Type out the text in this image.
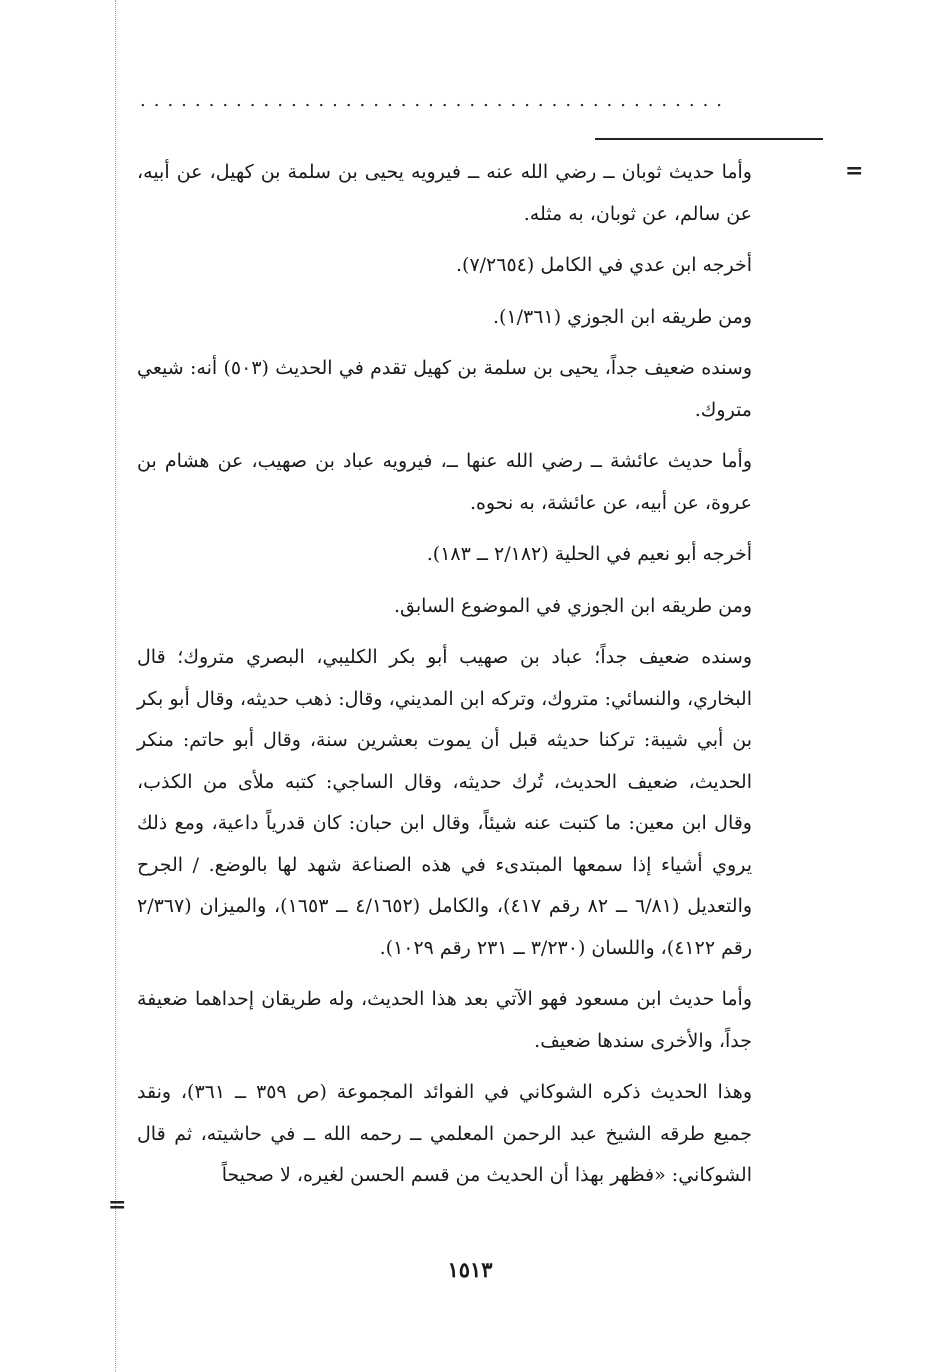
...........................................
=
=

وأما حديث ثوبان ــ رضي الله عنه ــ فيرويه يحيى بن سلمة بن كهيل، عن أبيه، عن سالم، عن ثوبان، به مثله.

أخرجه ابن عدي في الكامل (٧/٢٦٥٤).

ومن طريقه ابن الجوزي (١/٣٦١).

وسنده ضعيف جداً، يحيى بن سلمة بن كهيل تقدم في الحديث (٥٠٣) أنه: شيعي متروك.

وأما حديث عائشة ــ رضي الله عنها ــ، فيرويه عباد بن صهيب، عن هشام بن عروة، عن أبيه، عن عائشة، به نحوه.

أخرجه أبو نعيم في الحلية (٢/١٨٢ ــ ١٨٣).

ومن طريقه ابن الجوزي في الموضوع السابق.

وسنده ضعيف جداً؛ عباد بن صهيب أبو بكر الكليبي، البصري متروك؛ قال البخاري، والنسائي: متروك، وتركه ابن المديني، وقال: ذهب حديثه، وقال أبو بكر بن أبي شيبة: تركنا حديثه قبل أن يموت بعشرين سنة، وقال أبو حاتم: منكر الحديث، ضعيف الحديث، تُرك حديثه، وقال الساجي: كتبه ملأى من الكذب، وقال ابن معين: ما كتبت عنه شيئاً، وقال ابن حبان: كان قدرياً داعية، ومع ذلك يروي أشياء إذا سمعها المبتدىء في هذه الصناعة شهد لها بالوضع. / الجرح والتعديل (٦/٨١ ــ ٨٢ رقم ٤١٧)، والكامل (٤/١٦٥٢ ــ ١٦٥٣)، والميزان (٢/٣٦٧ رقم ٤١٢٢)، واللسان (٣/٢٣٠ ــ ٢٣١ رقم ١٠٢٩).

وأما حديث ابن مسعود فهو الآتي بعد هذا الحديث، وله طريقان إحداهما ضعيفة جداً، والأخرى سندها ضعيف.

وهذا الحديث ذكره الشوكاني في الفوائد المجموعة (ص ٣٥٩ ــ ٣٦١)، ونقد جميع طرقه الشيخ عبد الرحمن المعلمي ــ رحمه الله ــ في حاشيته، ثم قال الشوكاني: «فظهر بهذا أن الحديث من قسم الحسن لغيره، لا صحيحاً

١٥١٣
